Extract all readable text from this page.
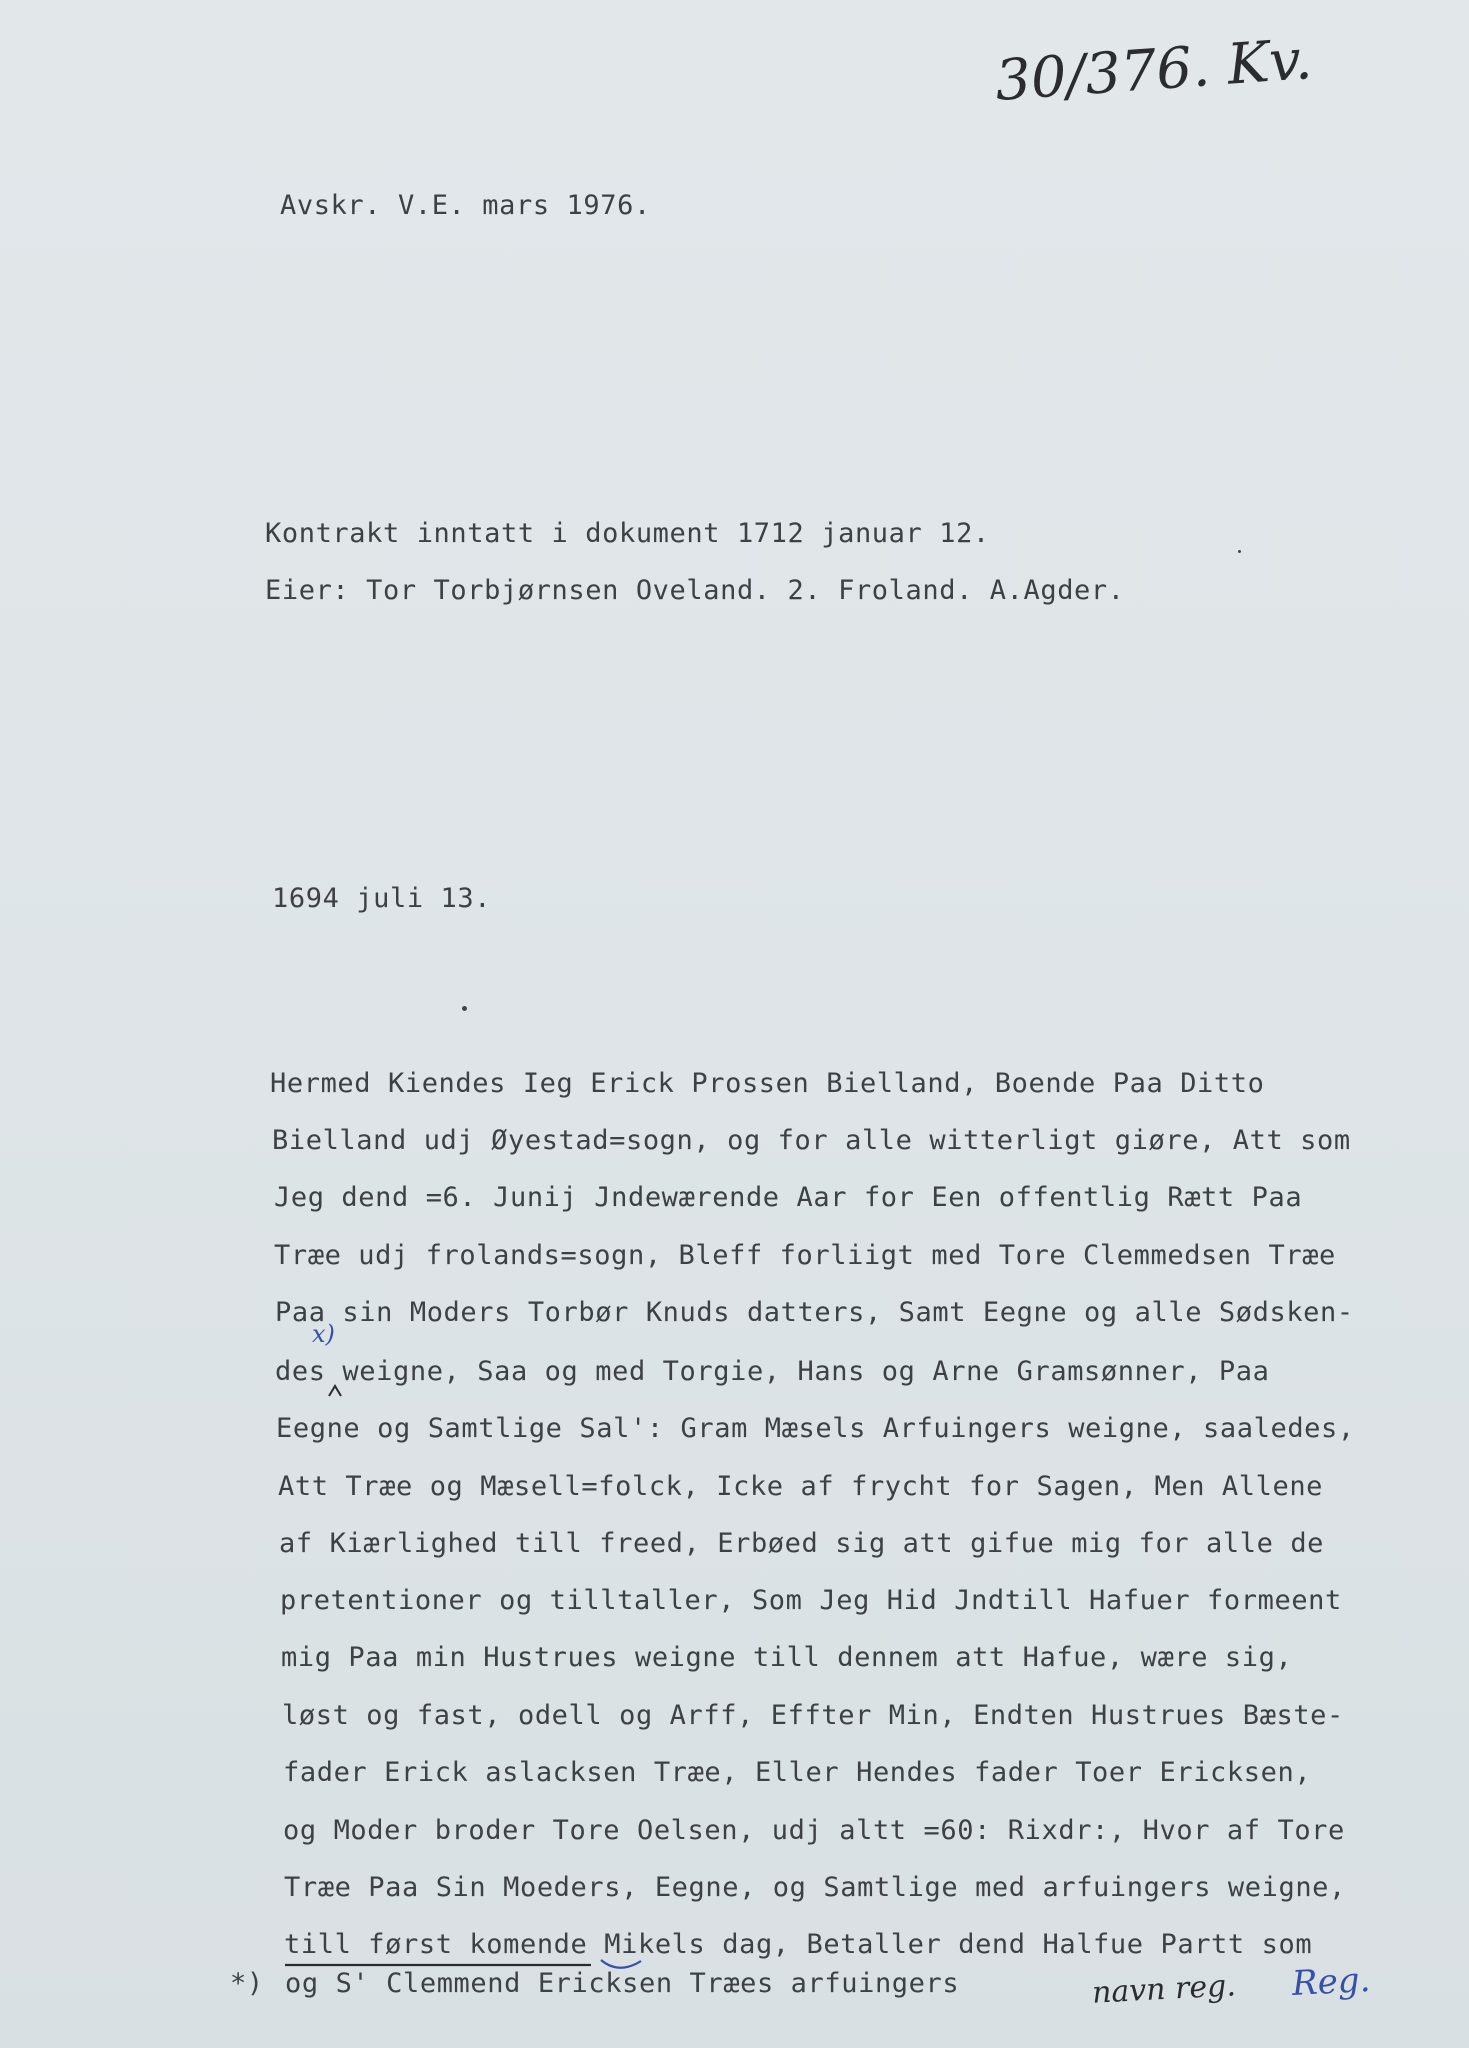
30/376. Kv.
Avskr. V.E. mars 1976.
Kontrakt inntatt i dokument 1712 januar 12.
Eier: Tor Torbjørnsen Oveland. 2. Froland. A.Agder.
1694 juli 13.
Hermed Kiendes Ieg Erick Prossen Bielland, Boende Paa Ditto
Bielland udj Øyestad=sogn, og for alle witterligt giøre, Att som
Jeg dend =6. Junij Jndewærende Aar for Een offentlig Rætt Paa
Træe udj frolands=sogn, Bleff forliigt med Tore Clemmedsen Træe
Paa sin Moders Torbør Knuds datters, Samt Eegne og alle Sødsken-
des weigne, Saa og med Torgie, Hans og Arne Gramsønner, Paa
Eegne og Samtlige Sal': Gram Mæsels Arfuingers weigne, saaledes,
Att Træe og Mæsell=folck, Icke af frycht for Sagen, Men Allene
af Kiærlighed till freed, Erbøed sig att gifue mig for alle de
pretentioner og tilltaller, Som Jeg Hid Jndtill Hafuer formeent
mig Paa min Hustrues weigne till dennem att Hafue, wære sig,
løst og fast, odell og Arff, Effter Min, Endten Hustrues Bæste-
fader Erick aslacksen Træe, Eller Hendes fader Toer Ericksen,
og Moder broder Tore Oelsen, udj altt =60: Rixdr:, Hvor af Tore
Træe Paa Sin Moeders, Eegne, og Samtlige med arfuingers weigne,
till først komende Mikels dag, Betaller dend Halfue Partt som
x)
*) og S' Clemmend Ericksen Træes arfuingers	navn reg. Reg.
